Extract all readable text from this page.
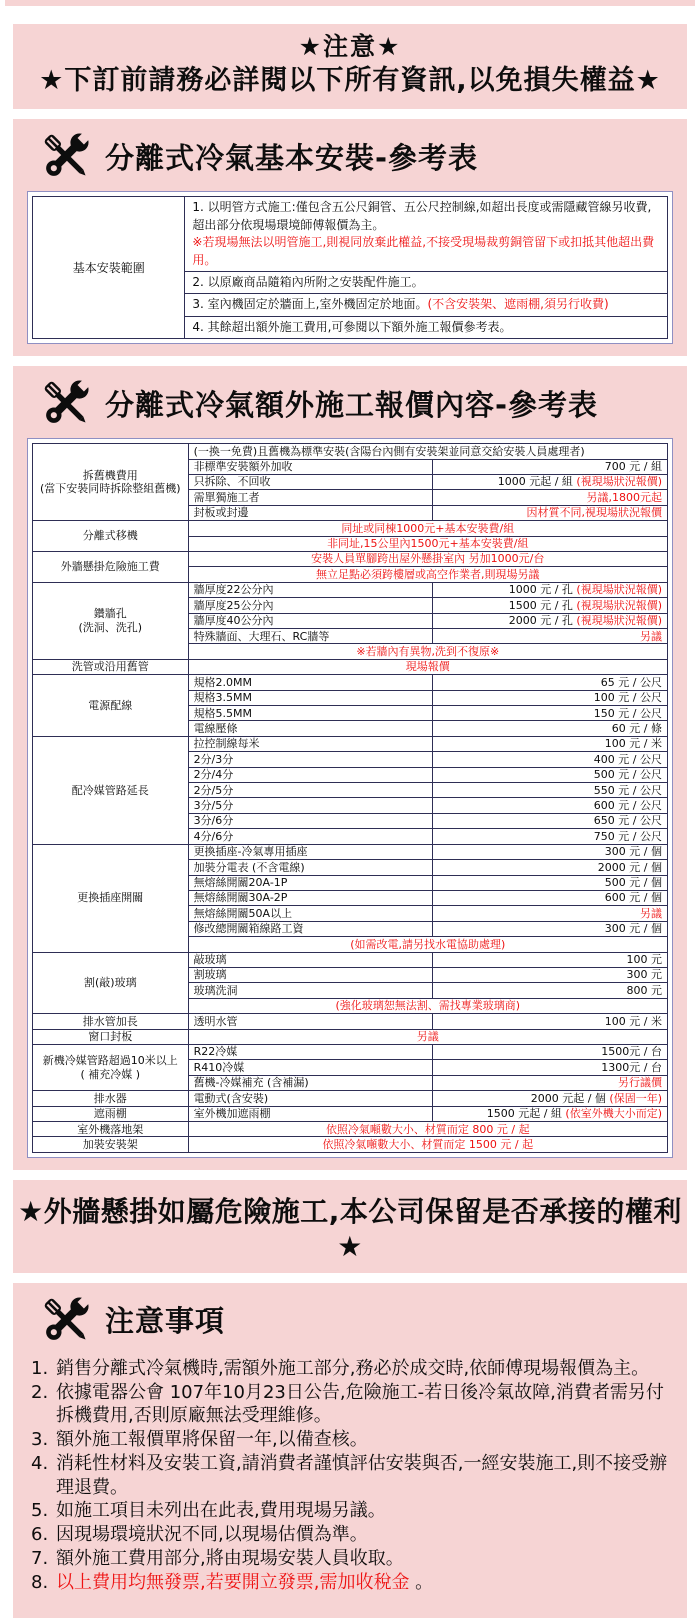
★注意★
★下訂前請務必詳閱以下所有資訊,以免損失權益★
分離式冷氣基本安裝-參考表
基本安裝範圍	1. 以明管方式施工:僅包含五公尺銅管、五公尺控制線,如超出長度或需隱藏管線另收費,超出部分依現場環境師傅報價為主。
※若現場無法以明管施工,則視同放棄此權益,不接受現場裁剪銅管留下或扣抵其他超出費用。

2. 以原廠商品隨箱內所附之安裝配件施工。
3. 室內機固定於牆面上,室外機固定於地面。(不含安裝架、遮雨棚,須另行收費)
4. 其餘超出額外施工費用,可參閱以下額外施工報價參考表。
分離式冷氣額外施工報價內容-參考表
拆舊機費用
(當下安裝同時拆除整組舊機)	(一換一免費)且舊機為標準安裝(含陽台內側有安裝架並同意交給安裝人員處理者)	
	非標準安裝額外加收	700 元 / 組
	只拆除、不回收	1000 元起 / 組 (視現場狀況報價)
	需單獨施工者	另議,1800元起
	封板或封邊	因材質不同,視現場狀況報價
分離式移機	同址或同棟1000元+基本安裝費/組	
	非同址,15公里內1500元+基本安裝費/組	
外牆懸掛危險施工費	安裝人員單腳跨出屋外懸掛室內 另加1000元/台	
	無立足點必須跨樓層或高空作業者,則現場另議	
鑽牆孔
(洗洞、洗孔)	牆厚度22公分內	1000 元 / 孔 (視現場狀況報價)
	牆厚度25公分內	1500 元 / 孔 (視現場狀況報價)
	牆厚度40公分內	2000 元 / 孔 (視現場狀況報價)
	特殊牆面、大理石、RC牆等	另議
	※若牆內有異物,洗到不復原※	
洗管或沿用舊管	現場報價	
電源配線	規格2.0MM	65 元 / 公尺
	規格3.5MM	100 元 / 公尺
	規格5.5MM	150 元 / 公尺
	電線壓條	60 元 / 條
配冷媒管路延長	拉控制線每米	100 元 / 米
	2分/3分	400 元 / 公尺
	2分/4分	500 元 / 公尺
	2分/5分	550 元 / 公尺
	3分/5分	600 元 / 公尺
	3分/6分	650 元 / 公尺
	4分/6分	750 元 / 公尺
更換插座開關	更換插座-冷氣專用插座	300 元 / 個
	加裝分電表 (不含電線)	2000 元 / 個
	無熔絲開關20A-1P	500 元 / 個
	無熔絲開關30A-2P	600 元 / 個
	無熔絲開關50A以上	另議
	修改總開關箱線路工資	300 元 / 個
	(如需改電,請另找水電協助處理)	
割(敲)玻璃	敲玻璃	100 元
	割玻璃	300 元
	玻璃洗洞	800 元
	(強化玻璃恕無法割、需找專業玻璃商)	
排水管加長	透明水管	100 元 / 米
窗口封板	另議	
新機冷媒管路超過10米以上
( 補充冷媒 )	R22冷媒	1500元 / 台
	R410冷媒	1300元 / 台
	舊機-冷媒補充 (含補漏)	另行議價
排水器	電動式(含安裝)	2000 元起 / 個 (保固一年)
遮雨棚	室外機加遮雨棚	1500 元起 / 組 (依室外機大小而定)
室外機落地架	依照冷氣噸數大小、材質而定 800 元 / 起	
加裝安裝架	依照冷氣噸數大小、材質而定 1500 元 / 起	
★外牆懸掛如屬危險施工,本公司保留是否承接的權利★
注意事項
1. 銷售分離式冷氣機時,需額外施工部分,務必於成交時,依師傅現場報價為主。
2. 依據電器公會 107年10月23日公告,危險施工-若日後冷氣故障,消費者需另付拆機費用,否則原廠無法受理維修。
3. 額外施工報價單將保留一年,以備查核。
4. 消耗性材料及安裝工資,請消費者謹慎評估安裝與否,一經安裝施工,則不接受辦理退費。
5. 如施工項目未列出在此表,費用現場另議。
6. 因現場環境狀況不同,以現場估價為準。
7. 額外施工費用部分,將由現場安裝人員收取。
8. 以上費用均無發票,若要開立發票,需加收稅金 。
